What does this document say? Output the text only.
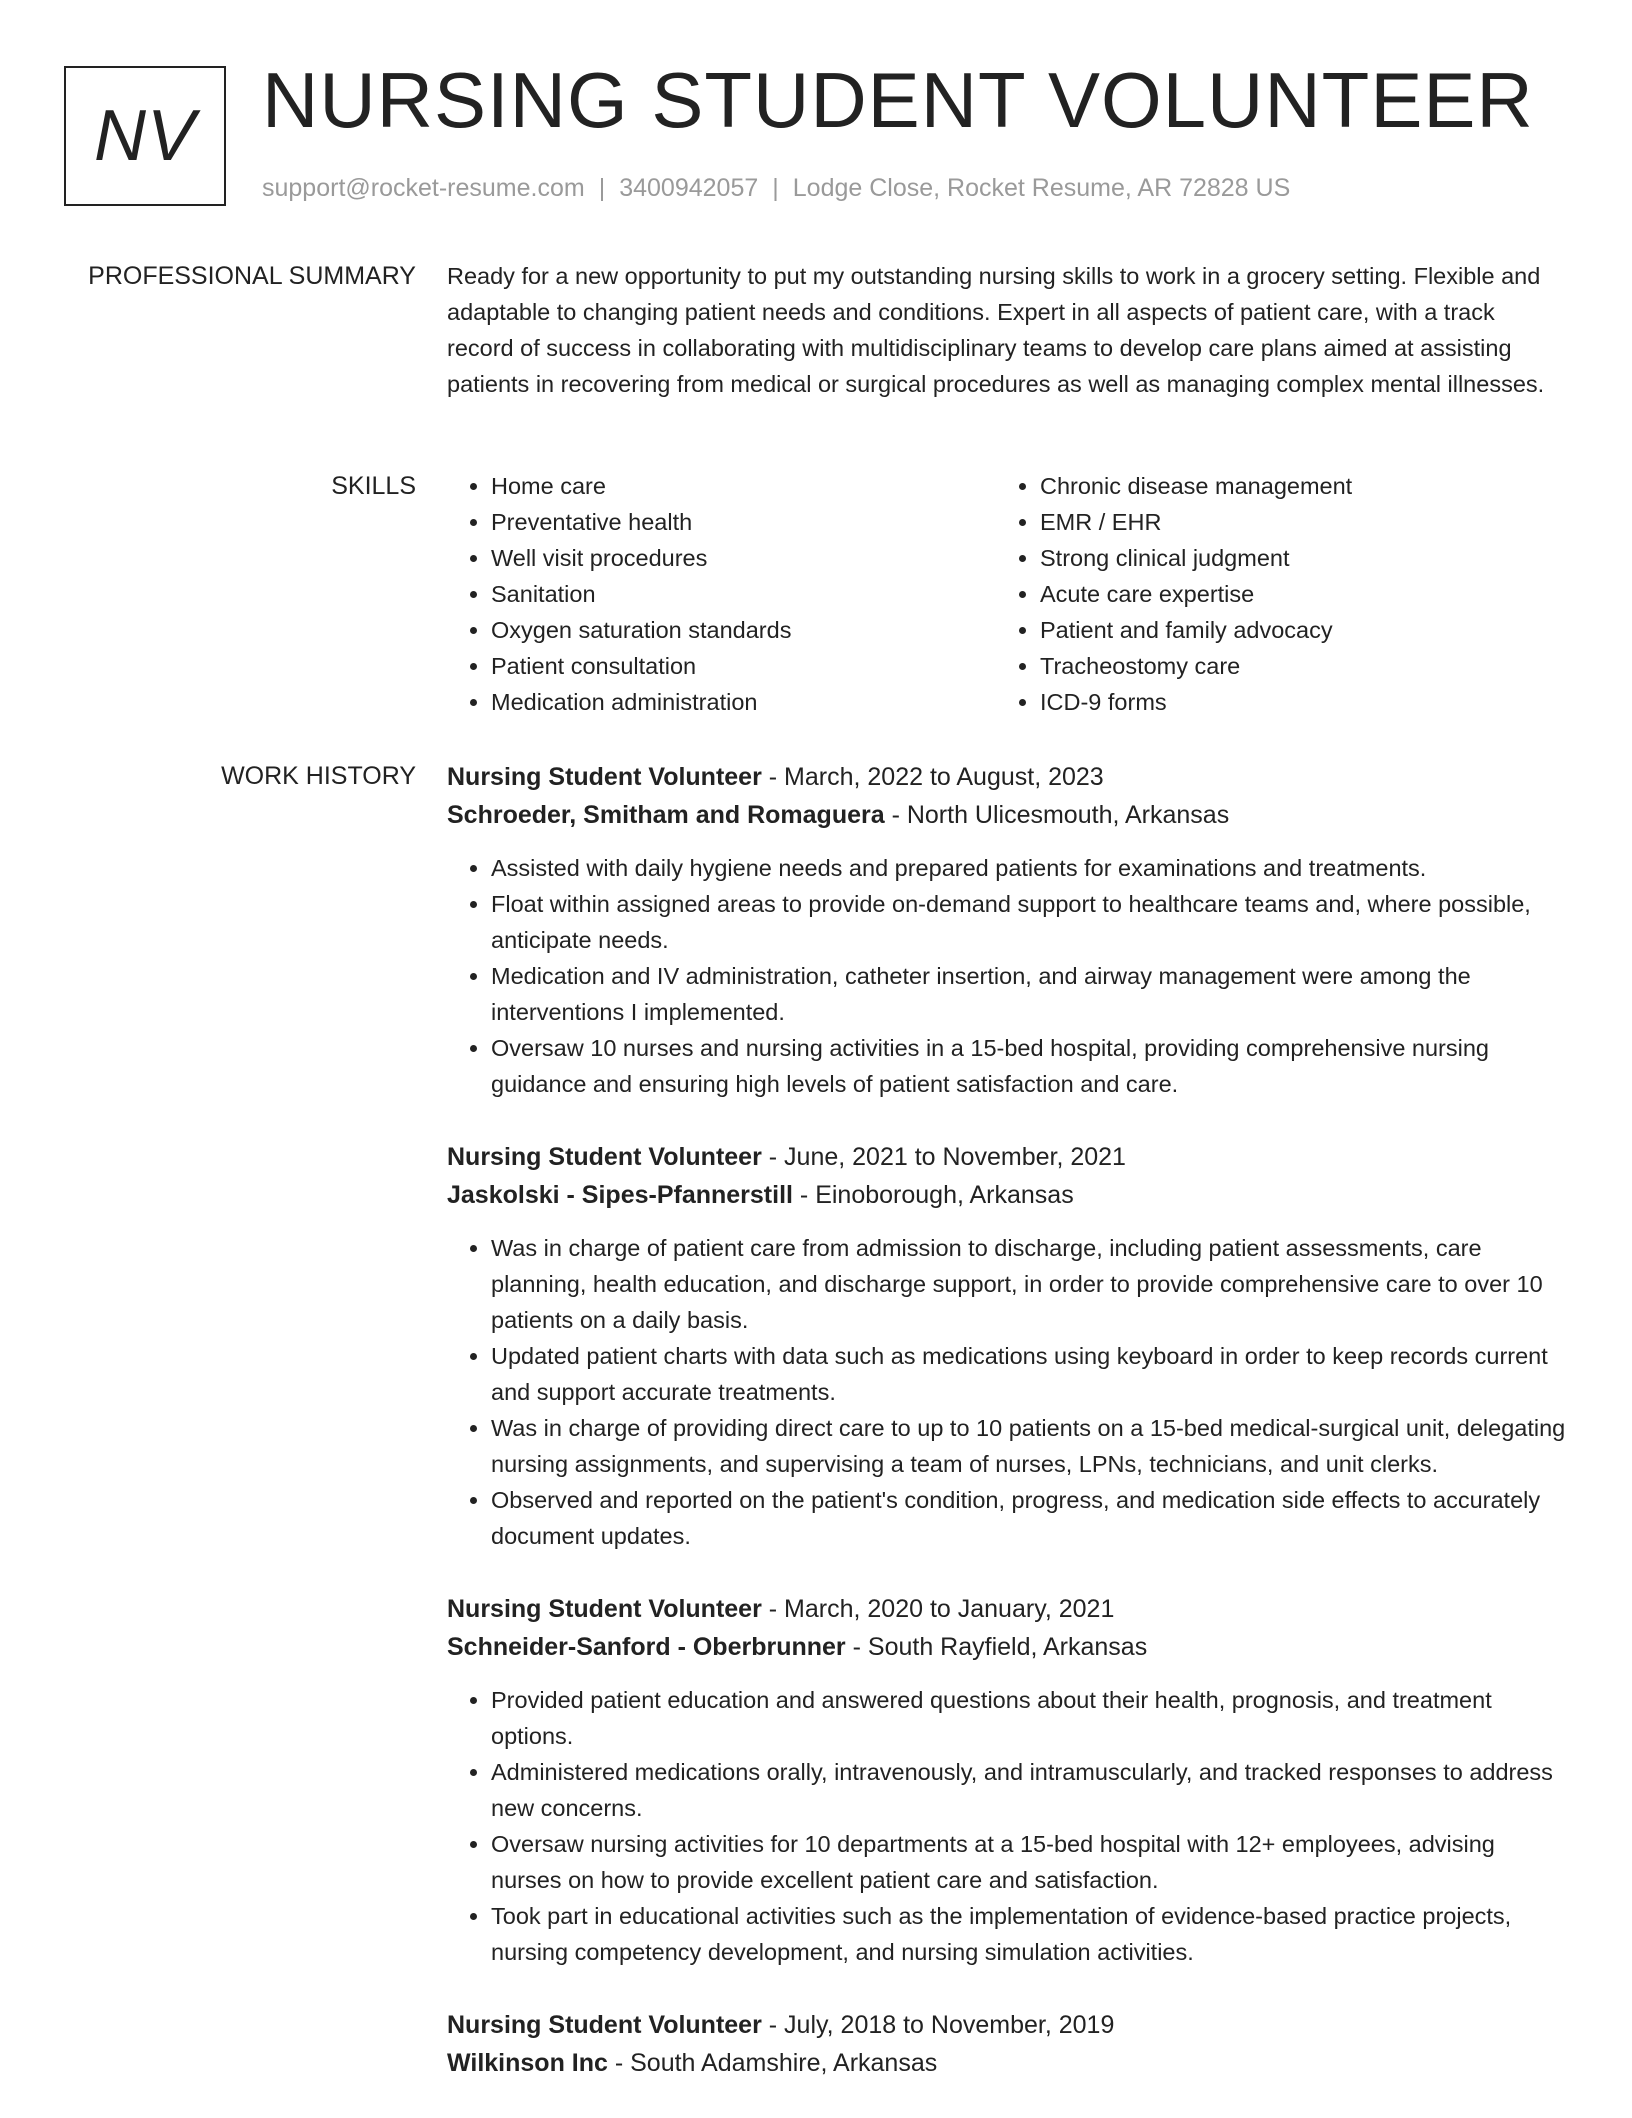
NV NURSING STUDENT VOLUNTEER
support@rocket-resume.com | 3400942057 | Lodge Close, Rocket Resume, AR 72828 US
PROFESSIONAL SUMMARY Ready for a new opportunity to put my outstanding nursing skills to work in a grocery setting. Flexible and adaptable to changing patient needs and conditions. Expert in all aspects of patient care, with a track record of success in collaborating with multidisciplinary teams to develop care plans aimed at assisting patients in recovering from medical or surgical procedures as well as managing complex mental illnesses.

SKILLS
•	Home care
• Preventative health
• Well visit procedures
• Sanitation
• Oxygen saturation standards
• Patient consultation
• Medication administration
• Chronic disease management
• EMR / EHR
• Strong clinical judgment
• Acute care expertise
• Patient and family advocacy
• Tracheostomy care
• ICD-9 forms
WORK HISTORY Nursing Student Volunteer - March, 2022 to August, 2023
Schroeder, Smitham and Romaguera - North Ulicesmouth, Arkansas
• Assisted with daily hygiene needs and prepared patients for examinations and treatments.
• Float within assigned areas to provide on-demand support to healthcare teams and, where possible, anticipate needs.
• Medication and IV administration, catheter insertion, and airway management were among the interventions I implemented.
• Oversaw 10 nurses and nursing activities in a 15-bed hospital, providing comprehensive nursing guidance and ensuring high levels of patient satisfaction and care.
Nursing Student Volunteer - June, 2021 to November, 2021
Jaskolski - Sipes-Pfannerstill - Einoborough, Arkansas
• Was in charge of patient care from admission to discharge, including patient assessments, care planning, health education, and discharge support, in order to provide comprehensive care to over 10 patients on a daily basis.
• Updated patient charts with data such as medications using keyboard in order to keep records current and support accurate treatments.
• Was in charge of providing direct care to up to 10 patients on a 15-bed medical-surgical unit, delegating nursing assignments, and supervising a team of nurses, LPNs, technicians, and unit clerks.
• Observed and reported on the patient's condition, progress, and medication side effects to accurately document updates.
Nursing Student Volunteer - March, 2020 to January, 2021
Schneider-Sanford - Oberbrunner - South Rayfield, Arkansas
• Provided patient education and answered questions about their health, prognosis, and treatment options.
• Administered medications orally, intravenously, and intramuscularly, and tracked responses to address new concerns.
• Oversaw nursing activities for 10 departments at a 15-bed hospital with 12+ employees, advising nurses on how to provide excellent patient care and satisfaction.
• Took part in educational activities such as the implementation of evidence-based practice projects, nursing competency development, and nursing simulation activities.
Nursing Student Volunteer - July, 2018 to November, 2019
Wilkinson Inc - South Adamshire, Arkansas
